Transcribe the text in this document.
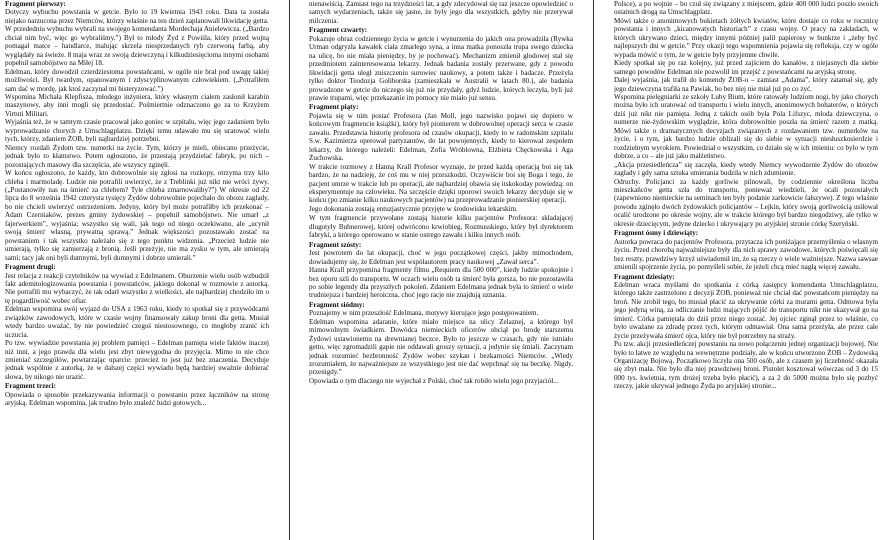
Fragment pierwszy:
Dotyczy wybuchu powstania w getcie. Było to 19 kwietnia 1943 roku. Data ta została niejako narzucona przez Niemców, którzy właśnie na ten dzień zaplanowali likwidację getta.
W przededniu wybuchu wybrali na swojego komendanta Mordechaja Anielewicza. („Bardzo chciał nim być, więc go wybraliśmy.”) Był to młody Żyd z Powiśla, który przed wojną pomagał matce – handlarce, malując skrzela niesprzedanych ryb czerwoną farbą, aby wyglądały na świeże. 8 maja wraz ze swoją dziewczyną i kilkudziesięcioma innymi osobami popełnił samobójstwo na Miłej 18.
Edelman, który dowodził czterdziestoma powstańcami, w ogóle nie brał pod uwagę takiej możliwości. Był twardym, opanowanym i zdyscyplinowanym człowiekiem. („Potrafiłem sam dać w mordę, jak ktoś zaczynał mi histeryzować.”)
Wspomina Michała Klepfisza, młodego inżyniera, który własnym ciałem zasłonił karabin maszynowy, aby inni mogli się przedostać. Pośmiertnie odznaczono go za to Krzyżem Virtuti Militari.
Wyjaśnia też, że w tamtym czasie pracował jako goniec w szpitalu, więc jego zadaniem było wyprowadzanie chorych z Umschlagplatzu. Dzięki temu udawało mu się uratować wielu tych, którzy, zdaniem ŻOB, byli najbardziej potrzebni.
Niemcy rozdali Żydom tzw. numerki na życie. Tym, którzy je mieli, obiecano przeżycie, jednak było to kłamstwo. Potem ogłoszono, że przestają przydzielać fabryk, po nich – pozostających masowy dla szczęścia, ale wszyscy zginęli.
W końcu ogłoszono, że każdy, kto dobrowolnie się zgłosi na rozkopy, otrzyma trzy kilo chleba i marmoladę. Ludzie nie potrafili uwierzyć, że z Treblinki już nikt nie wróci żywy. („Postanowiły nas na śmierć za chlebem? Tyle chleba zmarnowaliby?”) W okresie od 22 lipca do 8 września 1942 czterysta tysięcy Żydów dobrowolnie pojechało do obozu zagłady, bo nie chcieli uwierzyć ostrzeżeniom. Jedyny, który był może potrafiłby ich przekonać – Adam Czerniaków, prezes gminy żydowskiej – popełnił samobójstwo. Nie umarł „z fajerwerkiem”, wyjaśnia; wszystko się wali, jak tego od niego oczekiwano, ale „ucynił swoją śmierć własną, prywatną sprawą.” Jednak większości pozostawało zostać na powstaniem i tak wszystko należało się z tego punktu widzenia. „Przecież ludzie nie umierają, tylko się zamierzają z bronią. Jeśli przeżyje, nie ma zysku w tym, ale umierają sami; tacy jak oni byli dumnymi, byli dumnymi i dobrze umierali.”
Fragment drugi:
Jest relacja z reakcji czytelników na wywiad z Edelmanem. Oburzenie wielu osób wzbudził fakt ademitologizowania powstania i powstańców, jakiego dokonał w rozmowie z autorką. Nie potrafili mu wybaczyć, że tak odarł wszystko z wielkości, ale najbardziej chodziło im o tę pogardliwość wobec ofiar.
Edelman wspomina swój wyjazd do USA z 1963 roku, kiedy to spotkał się z przywódcami związków zawodowych, które w czasie wojny finansowały zakup broni dla getta. Musiał wtedy bardzo uważać, by nie powiedzieć czegoś niestosownego, co mogłoby zranić ich uczucia.
Po tzw. wywiadzie powstania jej problem pamięci – Edelman pamięta wiele faktów inaczej niż inni, a jego prawda dla wielu jest zbyt niewygodna do przyjęcia. Mimo to nie chce zmieniać szczegółów, powtarzając uparcie: przecież to jest już bez znaczenia. Decyduje jednak wspólnie z autorką, że w dalszej części wywiadu będą bardziej uważnie dobierać słowa, by nikogo nie urazić.
Fragment trzeci:
Opowiada o sposobie przekazywania informacji o powstaniu przez łączników na stronę aryjską. Edelman wspomina, jak trudno było znaleźć ludzi gotowych...
nienawiścią. Zamiast tego na trzydzieści lat, a gdy zdecydował się raz jeszcze opowiedzieć o samych wydarzeniach, także się jasne, że były jego dla wszystkich, gdyby nie przerywał milczenia.
Fragment czwarty:
Pokazuje obraz codziennego życia w getcie i wynurzenia do jakich ona prowadziła (Rywka Urman odgryzła kawałek ciała zmarłego syna, a inna matka ponoszła trupa swego dziecka na ulicę, bo nie miała pieniędzy, by je pochować). Mechanizm zmienił głodowej stał się przedmiotem zainteresowania lekarzy. Jednak badania zostały przerwane, gdy z powodu likwidacji getta uległ zniszczeniu surowiec naukowy, a potem także i badacze. Przeżyła tylko doktor Teodozja Goliborska (zamieszkała w Australii w latach 80.), ale badania prowadzone w getcie do niczego się już nie przydały, gdyż ludzie, których leczyła, byli już prawie trupami, więc przekazanie im pomocy nie miało już sensu.
Fragment piąty:
Pojawia się w nim postać Profesora (Jan Moll, jego nazwisko pojawi się dopiero w końcowym fragmencie książki), który był pionierem w dobrowolnej operacji serca w czasie zawału. Przedstawia historię profesora od czasów okupacji, kiedy to w radomskim szpitalu S.w. Kazimierza operował partyzantów, do lat powojennych, kiedy to kierował zespołem lekarzy, do którego należeli: Edelman, Zofia Wróblowna, Elżbieta Chęckowska i Aga Żuchowska.
W trakcie rozmowy z Hanną Krall Profesor wyznaje, że przed każdą operacją boi się tak bardzo, że na nadzieję, że coś mu w niej przeszkodzi. Oczywiście boi się Boga i tego, że pacjent umrze w trakcie lub po operacji, ale najbardziej obawia się itskokoday powiedzą: on eksperymentuje na człowieku. Na szczęście dzięki uporowi swoich lekarzy decyduje się w końcu (po zmianie kilku naukowych pacjentów) na przeprowadzanie pionierskiej operacji.
Jego dokonania zostają entuzjastycznie przyjęte w środowisku lekarskim.
W tym fragmencie przywołane zostają historie kilku pacjentów Profesora: składającej dlugotyły Bubnerowej, której odwrócono krwiobieg, Rozmusskiego, który był dyrektorem fabryki, a którego operowano w stanie ostrego zawału i kilku innych osób.
Fragment szósty:
Jest powrotem do lat okupacji, choć w jego początkowej części, jakby mimochodem, dowiadujemy się, że Edelman jest współautorem pracy naukowej „Zawał serca”.
Hanna Krall przypomina fragmenty filmu „Requiem dla 500 000”, kiedy ludzie spokojnie i bez oporu szli do transportu. W oczach wielu osób ta śmierć była gorsza, bo nie pozostawiła po sobie legendy dla przyszłych pokoleń. Zdaniem Edelmana jednak była to śmierć o wiele trudniejsza i bardziej heroiczna, choć jego racje nie znajdują uznania.
Fragment siódmy:
Poznajemy w nim przeszłość Edelmana, motywy kierujące jego postępowaniem.
Edelman wspomina adaranie, które miało miejsce na ulicy Zelaznej, a którego był mimowolnym świadkiem. Dowódca niemieckich oficerów obciął po brodę starszemu Żydowi ustawionemu na drewnianej beczce. Było to jeszcze w czasach, gdy nie istniało getto, więc zgromadzili gapie nie oddawali groszy sytuacji, a jedynie się śmiali. Zaczynam jednak rozumieć bezbronność Żydów wobec szykan i bezkarności Niemców. „Wiedy zrozumiałem, że najważniejsze ze wszystkiego jest nie dać wepchnąć się na beczkę. Nigdy, przenigdy.”
Opowiada o tym dlaczego nie wyjechał z Polski, choć tak robiło wielu jego przyjaciół...
Polsce), a po wojnie – bo czuł się związany z miejscem, gdzie 400 000 ludzi poszło swoich ostatnich drogą na Umschlagplatz.
Mówi także o anonimowych bukietach żółtych kwiatów, które dostaje co roku w rocznicę powstania i innych „kicanowatych historiach” z czasu wojny. O pracy na zakładach, w których ukrywano dzieci, między innymi później palił papierosy w bunkrze i „żeby być najlepszych dni w getcie.” Przy okazji tego wspomnienia pojawia się refleksja, czy w ogóle wypada mówić o tym, że w getcie były przyjemne chwile.
Kiedy spotkał się po raz kolejny, już przed zajściem do kanałów, z niejasnych dla siebie samego powodów Edelman nie pozwolił im przejść z powstańcami na aryjską stronę.
Dalej wyjaśnia, jak trafił do komendy ŻOB-u – zamiast „Adama”, który zatamał się, gdy jego dziewczyna trafiła na Pawiak, bo bez niej nie miał już po co żyć.
Wspomina pielęgniarki ze szkoły Luby Bium, które ratowały ludziom nogi, by jako chorych można było ich uratować od transportu i wielu innych, anonimowych bohaterów, o których dziś już nikt nie pamięta. Jedną z takich osób była Pola Lifszyc, młoda dziewczyna, o numerze nie-żydowskim wyglądzie, która dobrowolnie poszła na śmierć razem z matką. Mówi także o dramatycznych decyzjach związanych z rozdawaniem tzw. numerków na życie, i o tym, jak bardzo ludzie oblizali się do siebie w sytuacji niesłuszkosierdzie i rozdzielnym wyrokiem. Powiedział o wszystkim, co działo się w ich imieniu: co było w tym dobrze, a co – ale już jako małżeństwo.
„Akcja przesiedleńcza” się zaczęła, kiedy wtedy Niemcy wywodzenie Żydów do obozów zagłady i gdy sama sztuka umierania budziła w nich zdumienie.
Odruchy. Policjanci za każdy gorliwie pilnowali, by codziennie określona liczba mieszkańców getta szła do transportu, ponieważ wiedzieli, że ocali pozostałych (zapewniono niemieckie na seminach ten były podanie zarkowicie fałszywe). Z tego właśnie powodu zginęło dwóch żydowskich policjantów – Lejkin, który swoją gorliwością usiłował ocalić urodzone po okresie wojny, ale w trakcie którego był bardzo niegodziwy, ale tylko w okresie dziecięcym, jedyne dziecko i ukrywający po aryjskiej stronie córkę Szeryński.
Fragment ósmy i dziewiąty:
Autorka powraca do pacjentów Profesora, przytacza ich poniżające przemyślenia o własnym życiu. Przed chorobą najważniejsze były dla nich sprawy zawodowe, których poświęcali się bez reszty, prawdziwy krzyż uświadomił im, że są rzeczy o wiele ważniejsze. Nazwa sawsae zmienili spojrzenie życia, po pomyśleli sobie, że jeżeli chcą mieć nagłą więcej zawału.
Fragment dziesiąty:
Edelman wraca myślami do spotkania z córką zasiępcy komendanta Umschlagplatzu, którego także zastrzelono z decyzji ŻOB, ponieważ nie chciał dać powstańcom pieniędzy na broń. Nie zrobił tego, bo musiał płacić za ukrywanie córki za murami getta. Odmowa była jego jedyną winą, za odliczanie ludzi mających pójść do transportu nikt nie skazywał go na śmierć. Córka pamiętała do dziś przez niego zostać. Jej ojciec zginął przez to właśnie, co było uważane za zdradę przez tych, którym odmawiał. Ona sama przeżyła, ale przez całe życie przeżywała śmierć ojca, który nie był potrzebny na straży.
Po tzw. akcji przesiedleńczej powstaniu na nowo połączeniu jednej organizacji bojowej. Nie było to łatwe ze względu na wewnętrzne podziały, ale w końcu utworzono ŻOB – Żydowską Organizację Bojową. Początkowo liczyła ona 500 osób, ale z czasem jej liczebność okazała się zbyt mała. Nie było dla niej prawdziwej broni. Pistolet kosztował wówczas od 3 do 15 000 tys. kwietnia, tym drożej trzeba było płacić), a za 2 do 5000 można było się pozbyć rzeczy, jakie ukrywał jednego Żyda po aryjskiej stronie...
